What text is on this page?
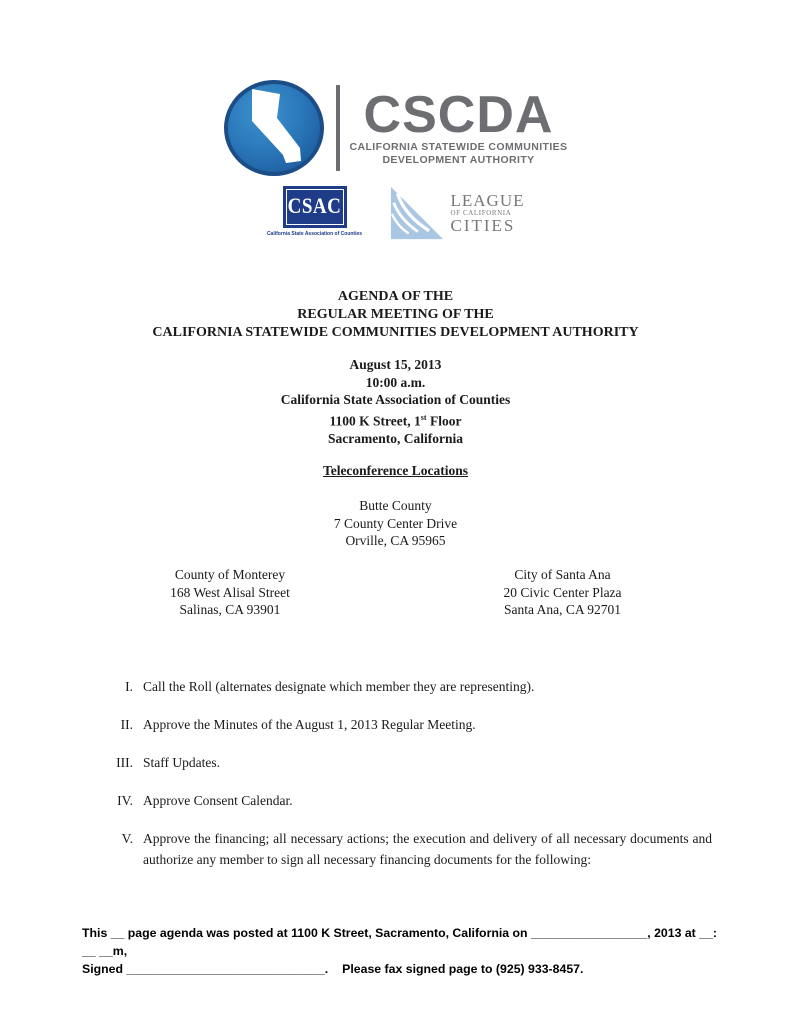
CSCDA
CALIFORNIA STATEWIDE COMMUNITIES
DEVELOPMENT AUTHORITY
CSAC
California State Association of Counties
LEAGUE
OF CALIFORNIA
CITIES
AGENDA OF THE
REGULAR MEETING OF THE
CALIFORNIA STATEWIDE COMMUNITIES DEVELOPMENT AUTHORITY
August 15, 2013
10:00 a.m.
California State Association of Counties
1100 K Street, 1st Floor
Sacramento, California
Teleconference Locations
Butte County
7 County Center Drive
Orville, CA 95965
County of Monterey
168 West Alisal Street
Salinas, CA 93901
City of Santa Ana
20 Civic Center Plaza
Santa Ana, CA 92701
I. Call the Roll (alternates designate which member they are representing).
II. Approve the Minutes of the August 1, 2013 Regular Meeting.
III. Staff Updates.
IV. Approve Consent Calendar.
V. Approve the financing; all necessary actions; the execution and delivery of all necessary documents and authorize any member to sign all necessary financing documents for the following:
This __ page agenda was posted at 1100 K Street, Sacramento, California on _________________, 2013 at __: __ __m,
Signed _____________________________. Please fax signed page to (925) 933-8457.
